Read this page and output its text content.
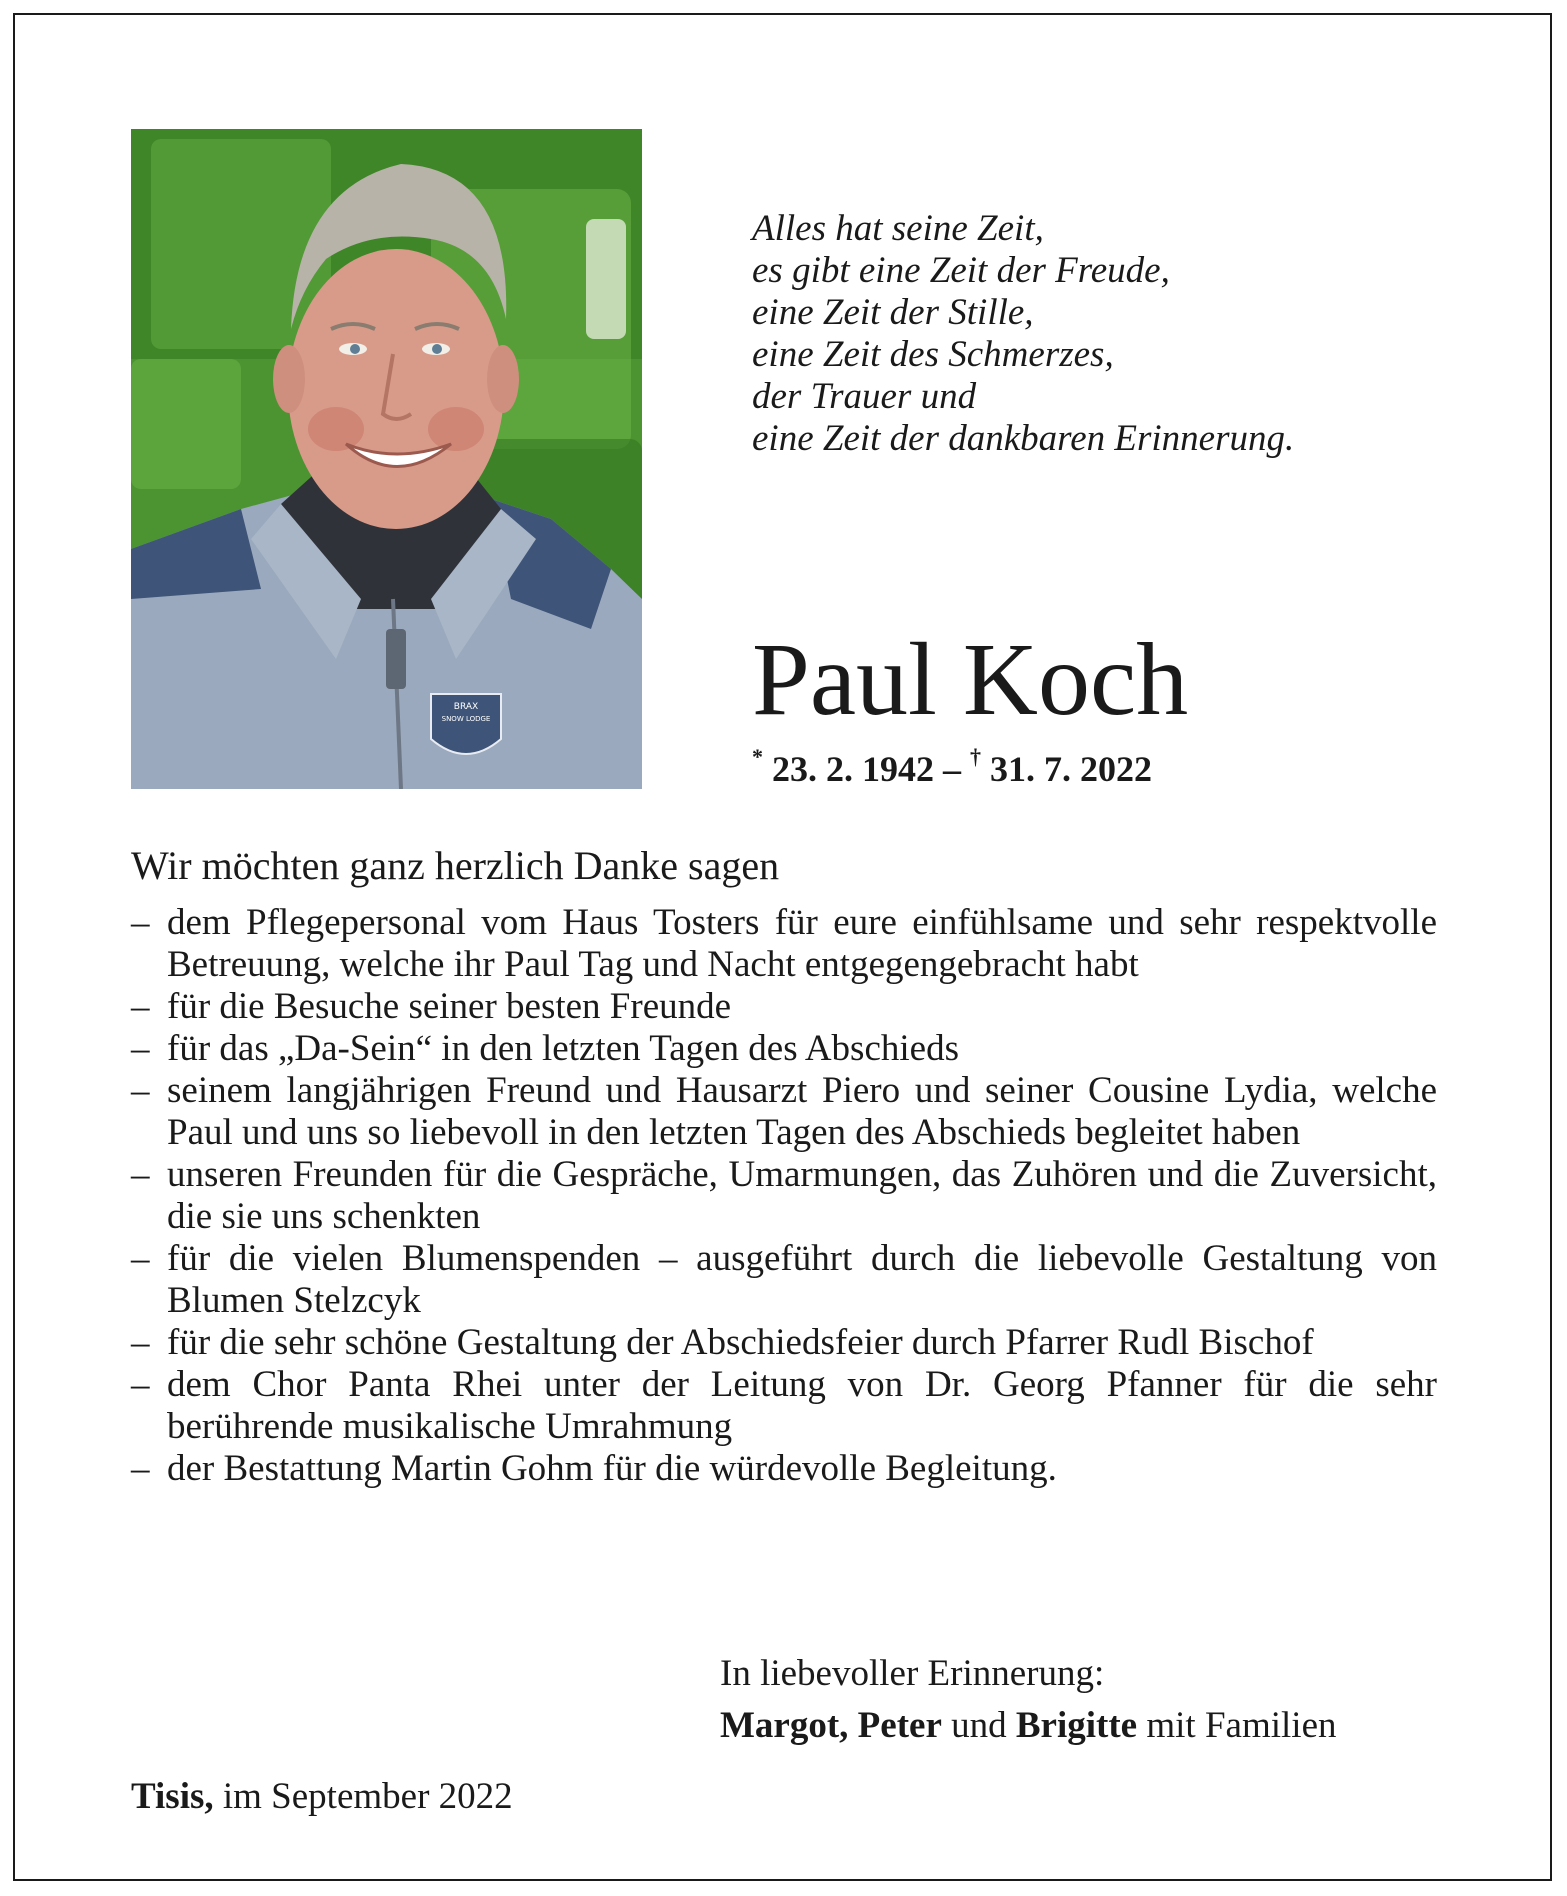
BRAX
SNOW LODGE
Alles hat seine Zeit,
es gibt eine Zeit der Freude,
eine Zeit der Stille,
eine Zeit des Schmerzes,
der Trauer und
eine Zeit der dankbaren Erinnerung.
Paul Koch
* 23. 2. 1942 – † 31. 7. 2022
Wir möchten ganz herzlich Danke sagen
– dem Pflegepersonal vom Haus Tosters für eure einfühlsame und sehr respektvolle Betreuung, welche ihr Paul Tag und Nacht entgegengebracht habt
– für die Besuche seiner besten Freunde
– für das „Da-Sein“ in den letzten Tagen des Abschieds
– seinem langjährigen Freund und Hausarzt Piero und seiner Cousine Lydia, welche Paul und uns so liebevoll in den letzten Tagen des Abschieds begleitet haben
– unseren Freunden für die Gespräche, Umarmungen, das Zuhören und die Zuversicht, die sie uns schenkten
– für die vielen Blumenspenden – ausgeführt durch die liebevolle Gestaltung von Blumen Stelzcyk
– für die sehr schöne Gestaltung der Abschiedsfeier durch Pfarrer Rudl Bischof
– dem Chor Panta Rhei unter der Leitung von Dr. Georg Pfanner für die sehr berührende musikalische Umrahmung
– der Bestattung Martin Gohm für die würdevolle Begleitung.
In liebevoller Erinnerung:
Margot, Peter und Brigitte mit Familien
Tisis, im September 2022
